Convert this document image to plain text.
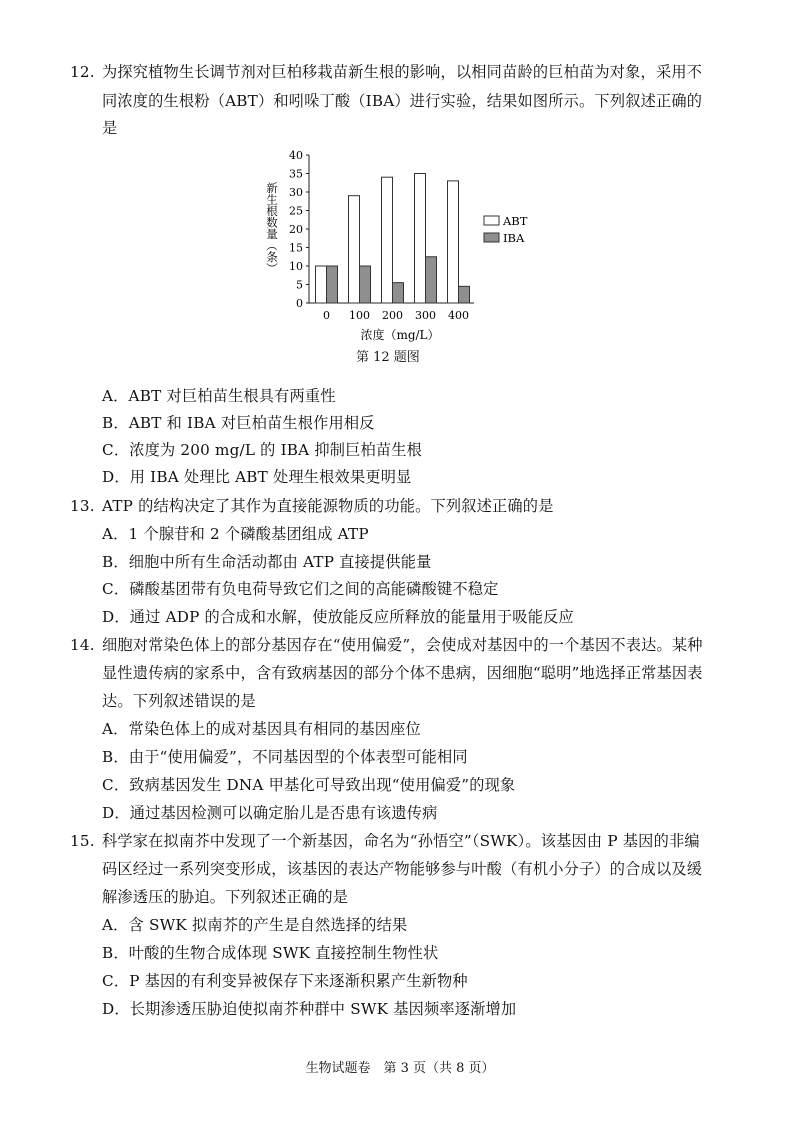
12. 为探究植物生长调节剂对巨柏移栽苗新生根的影响，以相同苗龄的巨柏苗为对象，采用不
同浓度的生根粉（ABT）和吲哚丁酸（IBA）进行实验，结果如图所示。下列叙述正确的
是
0
5
10
15
20
25
30
35
40
0 100 200 300 400
ABT
IBA
新生根数量（条）
浓度（mg/L）
第 12 题图
A．ABT 对巨柏苗生根具有两重性
B．ABT 和 IBA 对巨柏苗生根作用相反
C．浓度为 200 mg/L 的 IBA 抑制巨柏苗生根
D．用 IBA 处理比 ABT 处理生根效果更明显
13. ATP 的结构决定了其作为直接能源物质的功能。下列叙述正确的是
A．1 个腺苷和 2 个磷酸基团组成 ATP
B．细胞中所有生命活动都由 ATP 直接提供能量
C．磷酸基团带有负电荷导致它们之间的高能磷酸键不稳定
D．通过 ADP 的合成和水解，使放能反应所释放的能量用于吸能反应
14. 细胞对常染色体上的部分基因存在“使用偏爱”，会使成对基因中的一个基因不表达。某种
显性遗传病的家系中，含有致病基因的部分个体不患病，因细胞“聪明”地选择正常基因表
达。下列叙述错误的是
A．常染色体上的成对基因具有相同的基因座位
B．由于“使用偏爱”，不同基因型的个体表型可能相同
C．致病基因发生 DNA 甲基化可导致出现“使用偏爱”的现象
D．通过基因检测可以确定胎儿是否患有该遗传病
15. 科学家在拟南芥中发现了一个新基因，命名为“孙悟空”（SWK）。该基因由 P 基因的非编
码区经过一系列突变形成，该基因的表达产物能够参与叶酸（有机小分子）的合成以及缓
解渗透压的胁迫。下列叙述正确的是
A．含 SWK 拟南芥的产生是自然选择的结果
B．叶酸的生物合成体现 SWK 直接控制生物性状
C．P 基因的有利变异被保存下来逐渐积累产生新物种
D．长期渗透压胁迫使拟南芥种群中 SWK 基因频率逐渐增加
生物试题卷　第 3 页（共 8 页）
